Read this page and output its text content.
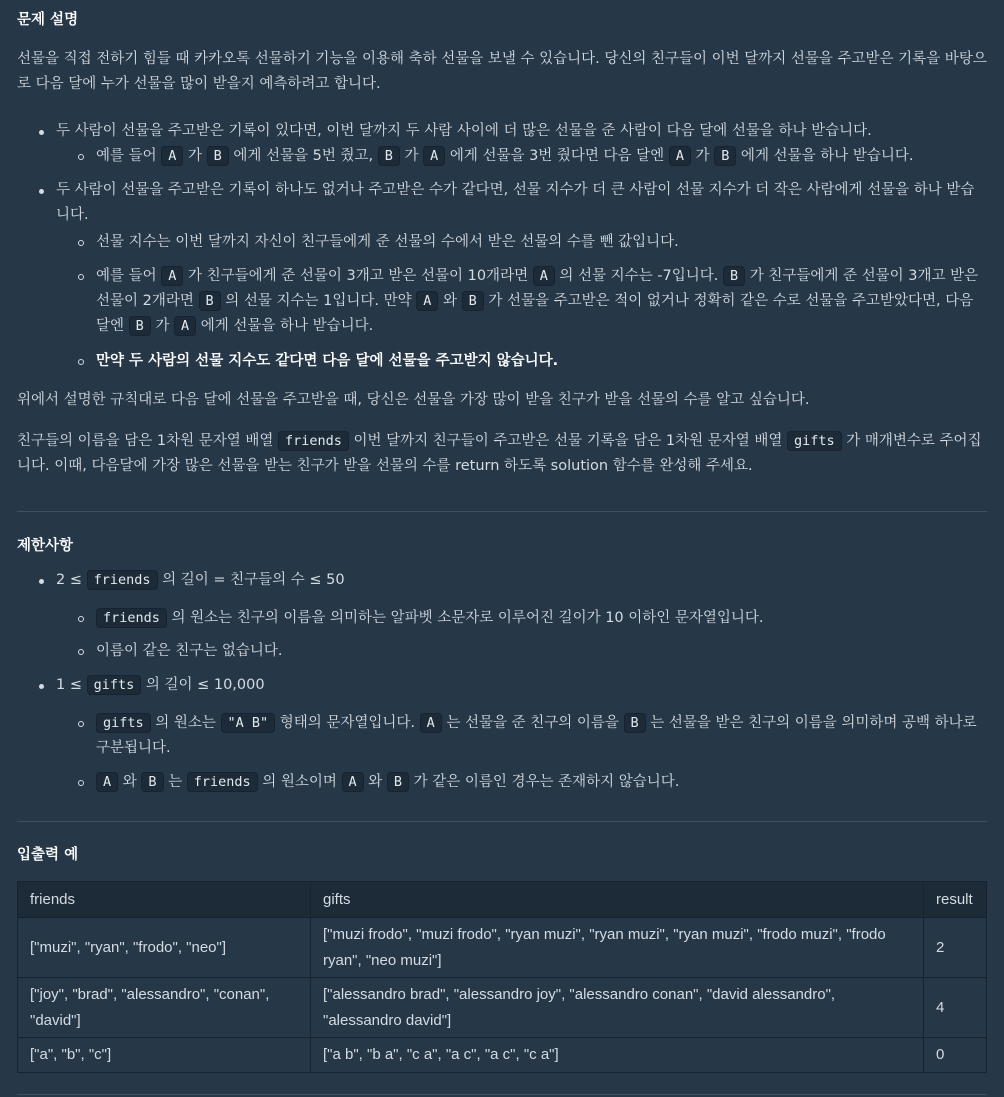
문제 설명

선물을 직접 전하기 힘들 때 카카오톡 선물하기 기능을 이용해 축하 선물을 보낼 수 있습니다. 당신의 친구들이 이번 달까지 선물을 주고받은 기록을 바탕으로 다음 달에 누가 선물을 많이 받을지 예측하려고 합니다.

두 사람이 선물을 주고받은 기록이 있다면, 이번 달까지 두 사람 사이에 더 많은 선물을 준 사람이 다음 달에 선물을 하나 받습니다.
예를 들어 A 가 B 에게 선물을 5번 줬고, B 가 A 에게 선물을 3번 줬다면 다음 달엔 A 가 B 에게 선물을 하나 받습니다.
두 사람이 선물을 주고받은 기록이 하나도 없거나 주고받은 수가 같다면, 선물 지수가 더 큰 사람이 선물 지수가 더 작은 사람에게 선물을 하나 받습니다.
선물 지수는 이번 달까지 자신이 친구들에게 준 선물의 수에서 받은 선물의 수를 뺀 값입니다.
예를 들어 A 가 친구들에게 준 선물이 3개고 받은 선물이 10개라면 A 의 선물 지수는 -7입니다. B 가 친구들에게 준 선물이 3개고 받은 선물이 2개라면 B 의 선물 지수는 1입니다. 만약 A 와 B 가 선물을 주고받은 적이 없거나 정확히 같은 수로 선물을 주고받았다면, 다음 달엔 B 가 A 에게 선물을 하나 받습니다.
만약 두 사람의 선물 지수도 같다면 다음 달에 선물을 주고받지 않습니다.

위에서 설명한 규칙대로 다음 달에 선물을 주고받을 때, 당신은 선물을 가장 많이 받을 친구가 받을 선물의 수를 알고 싶습니다.

친구들의 이름을 담은 1차원 문자열 배열 friends 이번 달까지 친구들이 주고받은 선물 기록을 담은 1차원 문자열 배열 gifts 가 매개변수로 주어집니다. 이때, 다음달에 가장 많은 선물을 받는 친구가 받을 선물의 수를 return 하도록 solution 함수를 완성해 주세요.

제한사항
2 ≤ friends 의 길이 = 친구들의 수 ≤ 50
friends 의 원소는 친구의 이름을 의미하는 알파벳 소문자로 이루어진 길이가 10 이하인 문자열입니다.
이름이 같은 친구는 없습니다.
1 ≤ gifts 의 길이 ≤ 10,000
gifts 의 원소는 "A B" 형태의 문자열입니다. A 는 선물을 준 친구의 이름을 B 는 선물을 받은 친구의 이름을 의미하며 공백 하나로 구분됩니다.
A 와 B 는 friends 의 원소이며 A 와 B 가 같은 이름인 경우는 존재하지 않습니다.
입출력 예
friends	gifts	result
["muzi", "ryan", "frodo", "neo"]	["muzi frodo", "muzi frodo", "ryan muzi", "ryan muzi", "ryan muzi", "frodo muzi", "frodo ryan", "neo muzi"]	2
["joy", "brad", "alessandro", "conan", "david"]	["alessandro brad", "alessandro joy", "alessandro conan", "david alessandro", "alessandro david"]	4
["a", "b", "c"]	["a b", "b a", "c a", "a c", "a c", "c a"]	0
